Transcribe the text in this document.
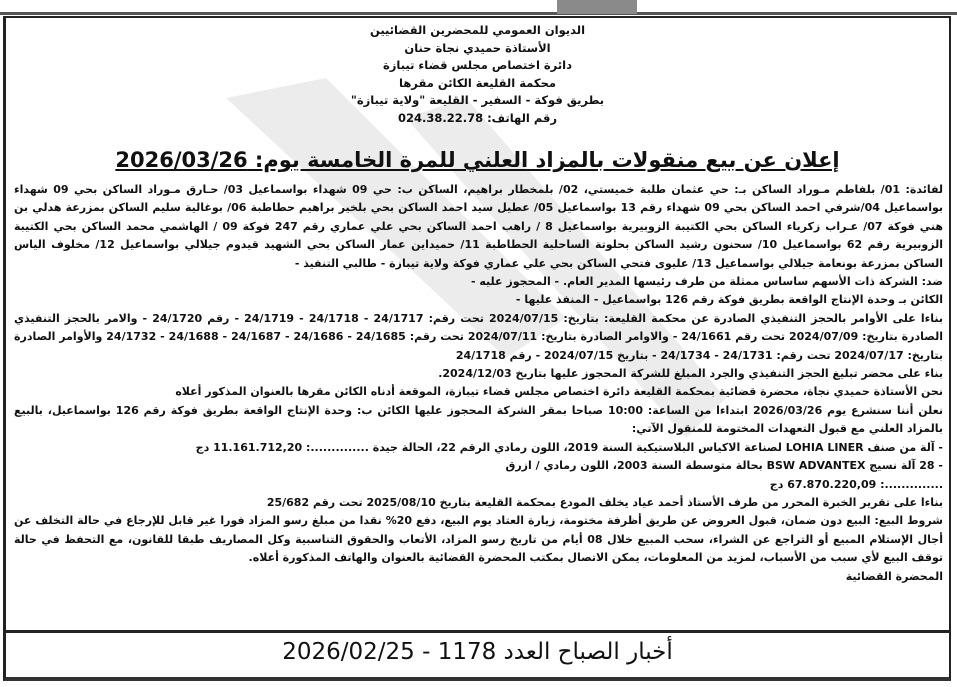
الديوان العمومي للمحضرين القضائيين
الأستاذة حميدي نجاة حنان
دائرة اختصاص مجلس قضاء تيبازة
محكمة القليعة الكائن مقرها
بطريق فوكة - السفير - القليعة "ولاية تيبازة"
رقم الهاتف: 024.38.22.78
إعلان عن بيع منقولات بالمزاد العلني للمرة الخامسة يوم: 2026/03/26

لفائدة: 01/ بلفاطم مـوراد الساكن بـ: حي عثمان طلبة خميستي، 02/ بلمخطار براهيم، الساكن ب: حي 09 شهداء بواسماعيل 03/ حـارق مـوراد الساكن بحي 09 شهداء بواسماعيل 04/شرفي احمد الساكن بحي 09 شهداء رقم 13 بواسماعيل 05/ عطيل سيد احمد الساكن بحي بلخير براهيم حطاطبة 06/ بوغالية سليم الساكن بمزرعة هدلي بن هني فوكة 07/ عـراب زكرياء الساكن بحي الكتيبة الزوبيرية بواسماعيل 8 / راهب احمد الساكن بحي علي عماري رقم 247 فوكة 09 / الهاشمي محمد الساكن بحي الكتيبة الزوبيرية رقم 62 بواسماعيل 10/ سحنون رشيد الساكن بحلوتة الساحلية الحطاطبة 11/ حميداين عمار الساكن بحي الشهيد قيدوم جيلالي بواسماعيل 12/ مخلوف الياس الساكن بمزرعة بونعامة جيلالي بواسماعيل 13/ عليوى فتحي الساكن بحي علي عماري فوكة ولاية تيبازة - طالبي التنفيذ -

ضد: الشركة ذات الأسهم ساساس ممثلة من طرف رئيسها المدير العام. - المحجوز عليه -

الكائن بـ وحدة الإنتاج الواقعة بطريق فوكة رقم 126 بواسماعيل - المنفذ عليها -

بناءا على الأوامر بالحجز التنفيذي الصادرة عن محكمة القليعة: بتاريخ: 2024/07/15 تحت رقم: 24/1717 - 24/1718 - 24/1719 - رقم 24/1720 - والامر بالحجز التنفيذي الصادرة بتاريخ: 2024/07/09 تحت رقم 24/1661 - والاوامر الصادرة بتاريخ: 2024/07/11 تحت رقم: 24/1685 - 24/1686 - 24/1687 - 24/1688 - 24/1732 والأوامر الصادرة بتاريخ: 2024/07/17 تحت رقم: 24/1731 - 24/1734 - بتاريخ 2024/07/15 - رقم 24/1718

بناء على محضر تبليغ الحجز التنفيذي والجرد المبلغ للشركة المحجوز عليها بتاريخ 2024/12/03.

نحن الأستاذة حميدي نجاة، محضرة قضائية بمحكمة القليعة دائرة اختصاص مجلس قضاء تيبازة، الموقعة أدناه الكائن مقرها بالعنوان المذكور أعلاه

نعلن أننا سنشرع يوم 2026/03/26 ابتداءا من الساعة: 10:00 صباحا بمقر الشركة المحجوز عليها الكائن ب: وحدة الإنتاج الواقعة بطريق فوكة رقم 126 بواسماعيل، بالبيع بالمزاد العلني مع قبول التعهدات المختومة للمنقول الآتي:

- آلة من صنف LOHIA LINER لصناعة الاكياس البلاستيكية السنة 2019، اللون رمادي الرقم 22، الحالة جيدة ..............: 11.161.712,20 دج

- 28 آلة نسيج BSW ADVANTEX بحالة متوسطة السنة 2003، اللون رمادي / ازرق

..............: 67.870.220,09 دج

بناءا على تقرير الخبرة المحرر من طرف الأستاذ أحمد عياد يخلف المودع بمحكمة القليعة بتاريخ 2025/08/10 تحت رقم 25/682

شروط البيع: البيع دون ضمان، قبول العروض عن طريق أظرفة مختومة، زيارة العتاد يوم البيع، دفع 20% نقدا من مبلغ رسو المزاد فورا غير قابل للإرجاع في حالة التخلف عن أجال الإستلام المبيع أو التراجع عن الشراء، سحب المبيع خلال 08 أيام من تاريخ رسو المزاد، الأتعاب والحقوق التناسبية وكل المصاريف طبقا للقانون، مع التحفظ في حالة توقف البيع لأي سبب من الأسباب، لمزيد من المعلومات، يمكن الاتصال بمكتب المحضرة القضائية بالعنوان والهاتف المذكورة أعلاه.

المحضرة القضائية

أخبار الصباح العدد 1178 - 2026/02/25
